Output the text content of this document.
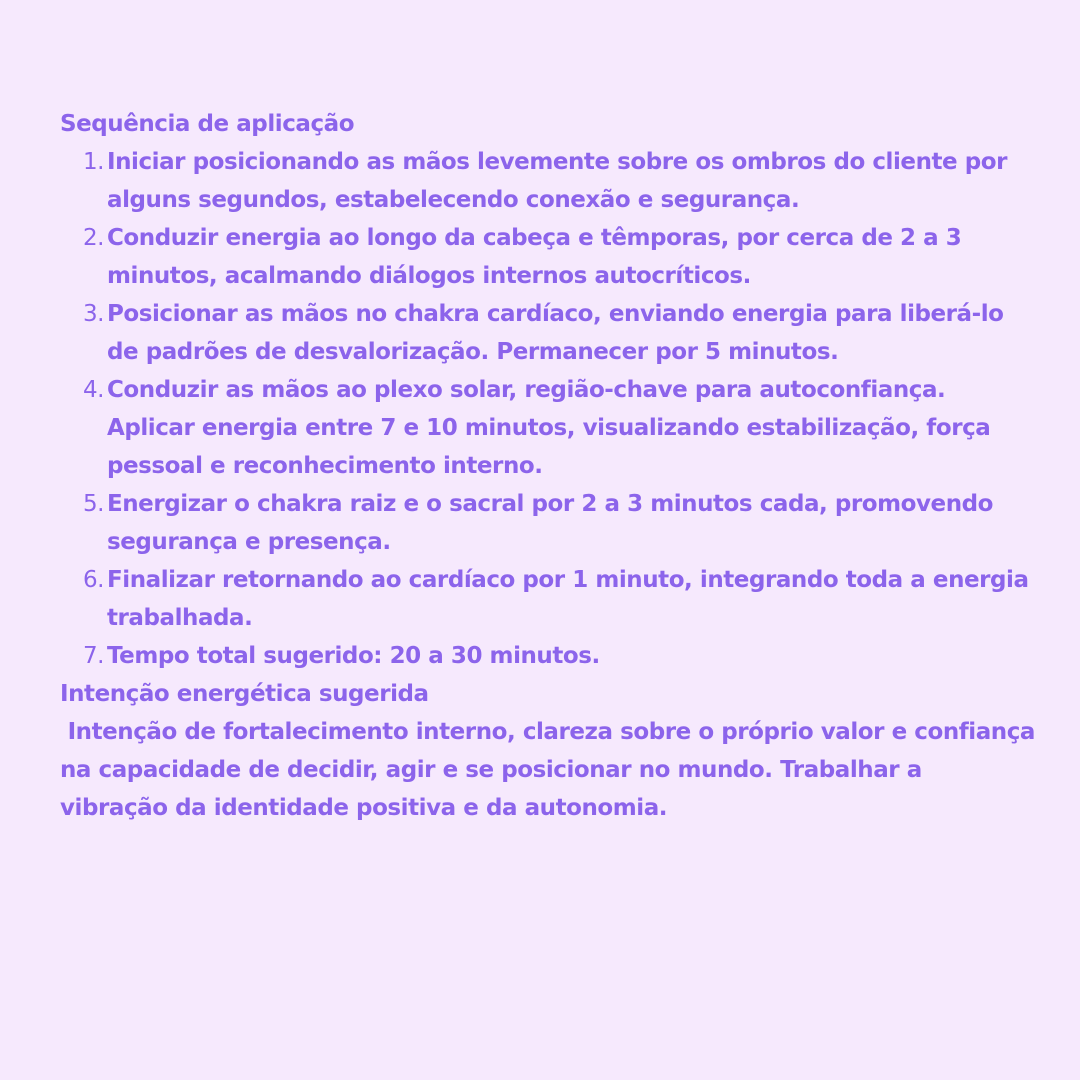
Sequência de aplicação
1. Iniciar posicionando as mãos levemente sobre os ombros do cliente por alguns segundos, estabelecendo conexão e segurança.
2. Conduzir energia ao longo da cabeça e têmporas, por cerca de 2 a 3 minutos, acalmando diálogos internos autocríticos.
3. Posicionar as mãos no chakra cardíaco, enviando energia para liberá-lo de padrões de desvalorização. Permanecer por 5 minutos.
4. Conduzir as mãos ao plexo solar, região-chave para autoconfiança. Aplicar energia entre 7 e 10 minutos, visualizando estabilização, força pessoal e reconhecimento interno.
5. Energizar o chakra raiz e o sacral por 2 a 3 minutos cada, promovendo segurança e presença.
6. Finalizar retornando ao cardíaco por 1 minuto, integrando toda a energia trabalhada.
7. Tempo total sugerido: 20 a 30 minutos.
Intenção energética sugerida
Intenção de fortalecimento interno, clareza sobre o próprio valor e confiança na capacidade de decidir, agir e se posicionar no mundo. Trabalhar a vibração da identidade positiva e da autonomia.
